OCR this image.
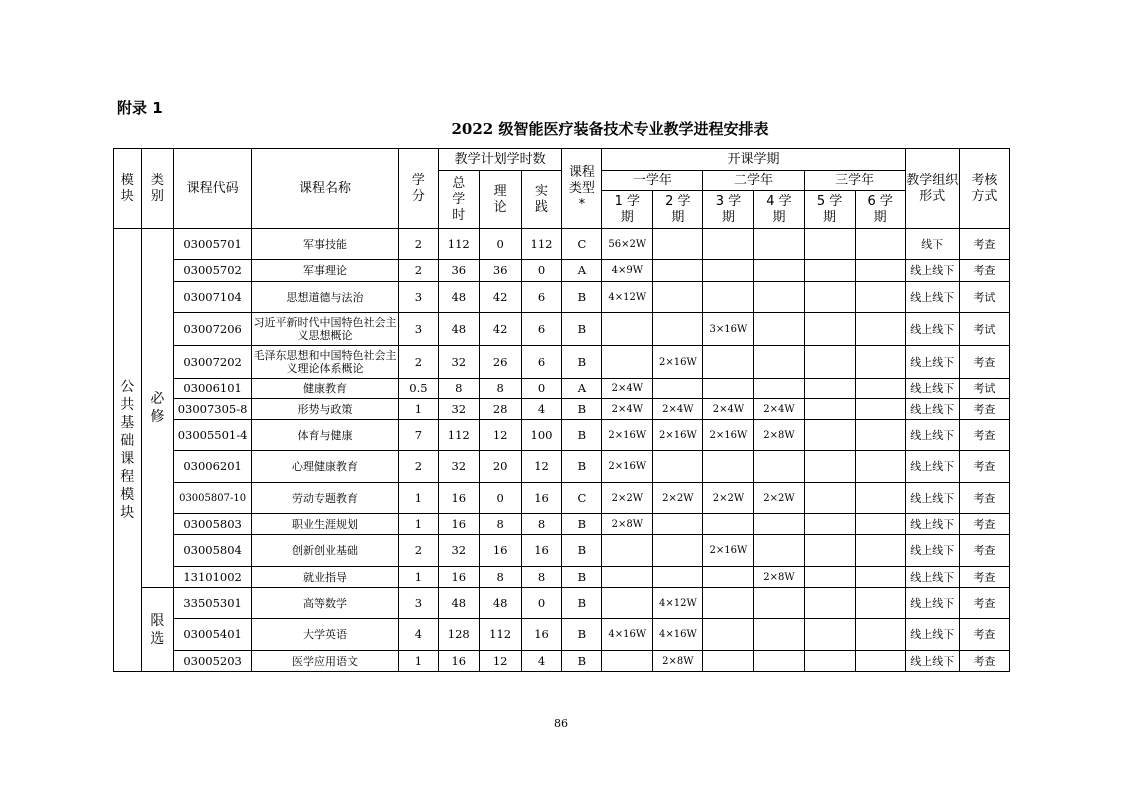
附录 1
2022 级智能医疗装备技术专业教学进程安排表
模块	类别	课程代码	课程名称	学分	教学计划学时数			课程类型*	开课学期						教学组织形式	考核方式

					总学时	理论	实践		一学年		二学年		三学年			

									1 学期	2 学期	3 学期	4 学期	5 学期	6 学期		

公共基础课程模块	必修	03005701	军事技能	2	112	0	112	C	56×2W						线下	考查
		03005702	军事理论	2	36	36	0	A	4×9W						线上线下	考查
		03007104	思想道德与法治	3	48	42	6	B	4×12W						线上线下	考试
		03007206	习近平新时代中国特色社会主义思想概论	3	48	42	6	B			3×16W				线上线下	考试
		03007202	毛泽东思想和中国特色社会主义理论体系概论	2	32	26	6	B		2×16W					线上线下	考查
		03006101	健康教育	0.5	8	8	0	A	2×4W						线上线下	考试
		03007305-8	形势与政策	1	32	28	4	B	2×4W	2×4W	2×4W	2×4W			线上线下	考查
		03005501-4	体育与健康	7	112	12	100	B	2×16W	2×16W	2×16W	2×8W			线上线下	考查
		03006201	心理健康教育	2	32	20	12	B	2×16W						线上线下	考查
		03005807-10	劳动专题教育	1	16	0	16	C	2×2W	2×2W	2×2W	2×2W			线上线下	考查
		03005803	职业生涯规划	1	16	8	8	B	2×8W						线上线下	考查
		03005804	创新创业基础	2	32	16	16	B			2×16W				线上线下	考查
		13101002	就业指导	1	16	8	8	B				2×8W			线上线下	考查

	限选	33505301	高等数学	3	48	48	0	B		4×12W					线上线下	考查
		03005401	大学英语	4	128	112	16	B	4×16W	4×16W					线上线下	考查
		03005203	医学应用语文	1	16	12	4	B		2×8W					线上线下	考查
86
